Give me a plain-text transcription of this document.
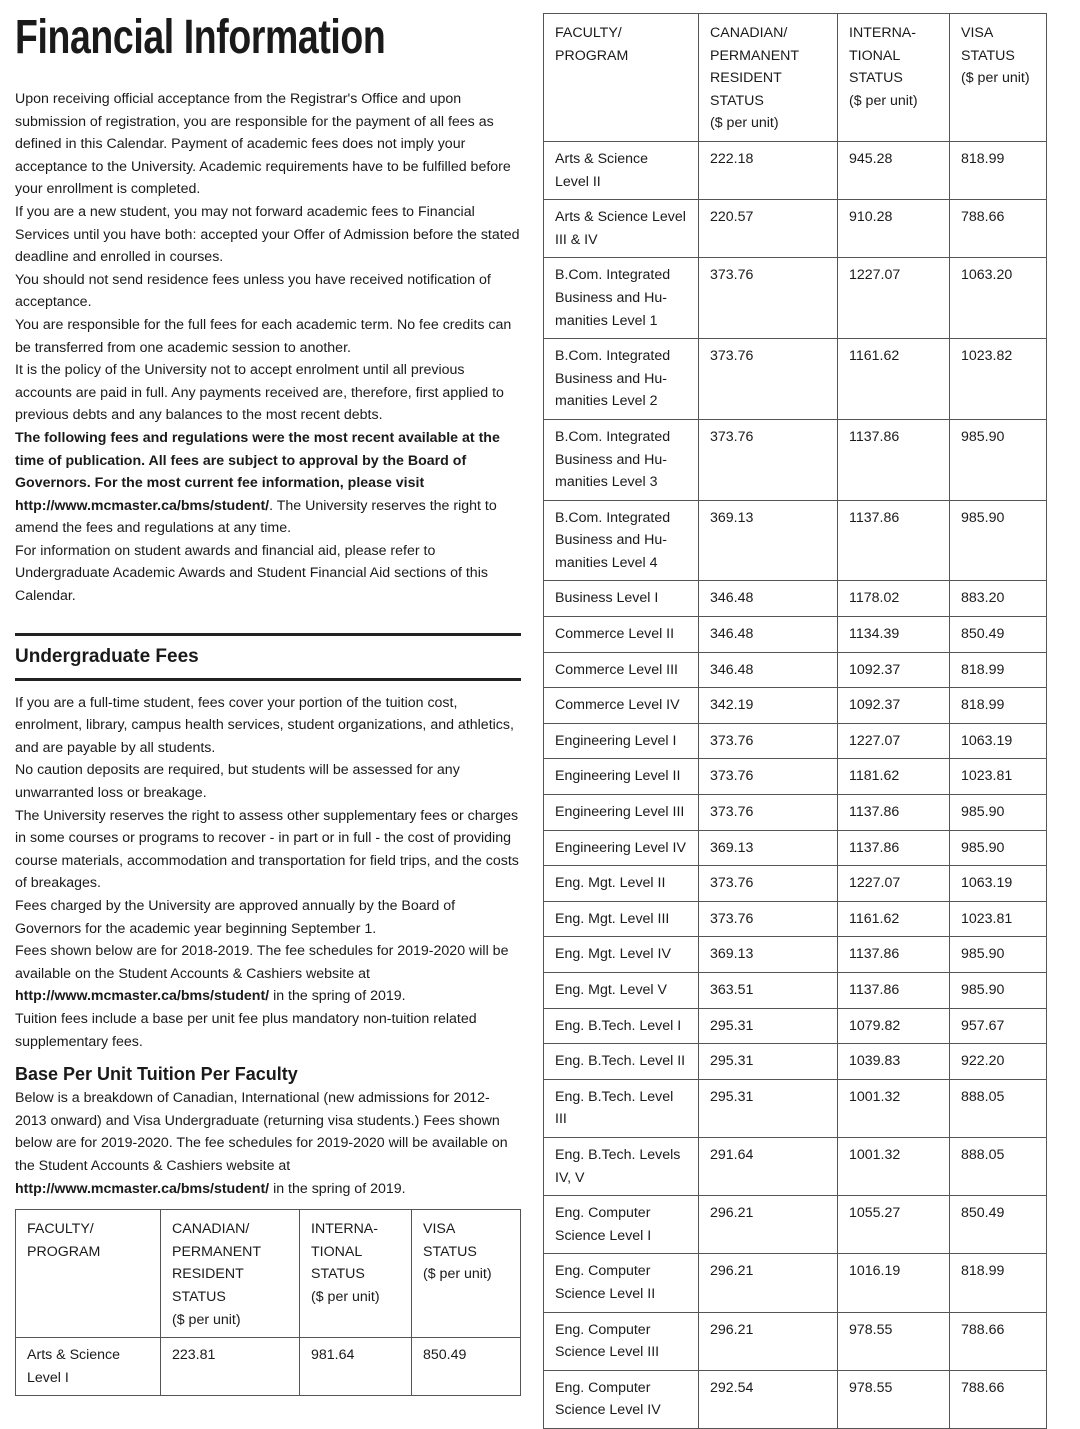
Financial Information

Upon receiving official acceptance from the Registrar's Office and upon submission of registration, you are responsible for the payment of all fees as defined in this Calendar. Payment of academic fees does not imply your acceptance to the University. Academic requirements have to be fulfilled before your enrollment is completed.

If you are a new student, you may not forward academic fees to Financial Services until you have both: accepted your Offer of Admission before the stated deadline and enrolled in courses.

You should not send residence fees unless you have received notification of acceptance.

You are responsible for the full fees for each academic term. No fee credits can be transferred from one academic session to another.

It is the policy of the University not to accept enrolment until all previous accounts are paid in full. Any payments received are, therefore, first applied to previous debts and any balances to the most recent debts.

The following fees and regulations were the most recent available at the time of publication. All fees are subject to approval by the Board of Governors. For the most current fee information, please visit http://www.mcmaster.ca/bms/student/. The University reserves the right to amend the fees and regulations at any time.

For information on student awards and financial aid, please refer to Undergraduate Academic Awards and Student Financial Aid sections of this Calendar.

Undergraduate Fees

If you are a full-time student, fees cover your portion of the tuition cost, enrolment, library, campus health services, student organizations, and athletics, and are payable by all students.

No caution deposits are required, but students will be assessed for any unwarranted loss or breakage.

The University reserves the right to assess other supplementary fees or charges in some courses or programs to recover - in part or in full - the cost of providing course materials, accommodation and transportation for field trips, and the costs of breakages.

Fees charged by the University are approved annually by the Board of Governors for the academic year beginning September 1.

Fees shown below are for 2018-2019. The fee schedules for 2019-2020 will be available on the Student Accounts & Cashiers website at http://www.mcmaster.ca/bms/student/ in the spring of 2019.

Tuition fees include a base per unit fee plus mandatory non-tuition related supplementary fees.

Base Per Unit Tuition Per Faculty

Below is a breakdown of Canadian, International (new admissions for 2012-2013 onward) and Visa Undergraduate (returning visa students.) Fees shown below are for 2019-2020. The fee schedules for 2019-2020 will be available on the Student Accounts & Cashiers website at http://www.mcmaster.ca/bms/student/ in the spring of 2019.

FACULTY/
PROGRAM	CANADIAN/
PERMANENT
RESIDENT
STATUS
($ per unit)	INTERNA-
TIONAL
STATUS
($ per unit)	VISA
STATUS
($ per unit)
Arts & Science
Level I	223.81	981.64	850.49
FACULTY/
PROGRAM	CANADIAN/
PERMANENT
RESIDENT
STATUS
($ per unit)	INTERNA-
TIONAL
STATUS
($ per unit)	VISA
STATUS
($ per unit)
Arts & Science
Level II	222.18	945.28	818.99
Arts & Science Level
III & IV	220.57	910.28	788.66
B.Com. Integrated
Business and Hu-
manities Level 1	373.76	1227.07	1063.20
B.Com. Integrated
Business and Hu-
manities Level 2	373.76	1161.62	1023.82
B.Com. Integrated
Business and Hu-
manities Level 3	373.76	1137.86	985.90
B.Com. Integrated
Business and Hu-
manities Level 4	369.13	1137.86	985.90
Business Level I	346.48	1178.02	883.20
Commerce Level II	346.48	1134.39	850.49
Commerce Level III	346.48	1092.37	818.99
Commerce Level IV	342.19	1092.37	818.99
Engineering Level I	373.76	1227.07	1063.19
Engineering Level II	373.76	1181.62	1023.81
Engineering Level III	373.76	1137.86	985.90
Engineering Level IV	369.13	1137.86	985.90
Eng. Mgt. Level II	373.76	1227.07	1063.19
Eng. Mgt. Level III	373.76	1161.62	1023.81
Eng. Mgt. Level IV	369.13	1137.86	985.90
Eng. Mgt. Level V	363.51	1137.86	985.90
Eng. B.Tech. Level I	295.31	1079.82	957.67
Eng. B.Tech. Level II	295.31	1039.83	922.20
Eng. B.Tech. Level III	295.31	1001.32	888.05
Eng. B.Tech. Levels
IV, V	291.64	1001.32	888.05
Eng. Computer
Science Level I	296.21	1055.27	850.49
Eng. Computer
Science Level II	296.21	1016.19	818.99
Eng. Computer
Science Level III	296.21	978.55	788.66
Eng. Computer
Science Level IV	292.54	978.55	788.66
